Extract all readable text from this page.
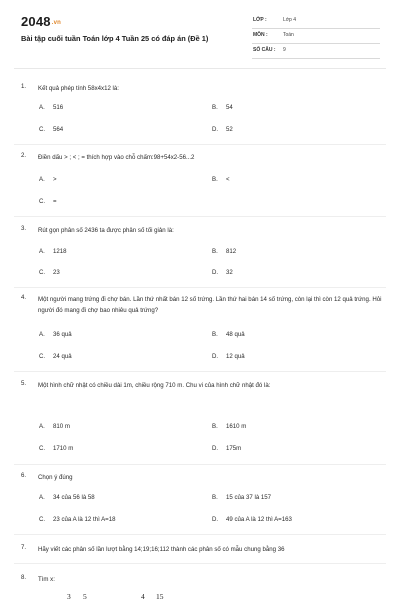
2048.vn
Bài tập cuối tuần Toán lớp 4 Tuần 25 có đáp án (Đề 1)
LỚP :	Lớp 4
MÔN :	Toán
SỐ CÂU : 9
1.	Kết quả phép tính 58x4x12 là:
A. 516	B. 54
C. 564	D. 52
2.	Điền dấu > ; < ; = thích hợp vào chỗ chấm:98+54x2-56...2
A. >	B. <
C. =
3.	Rút gọn phân số 2436 ta được phân số tối giản là:
A. 1218	B. 812
C. 23	D. 32
4.	Một người mang trứng đi chợ bán. Lần thứ nhất bán 12 số trứng. Lần thứ hai bán 14 số trứng, còn lại thì còn 12 quả trứng. Hỏi người đó mang đi chợ bao nhiêu quả trứng?
A. 36 quả	B. 48 quả
C. 24 quả	D. 12 quả
5.	Một hình chữ nhật có chiều dài 1m, chiều rộng 710 m. Chu vi của hình chữ nhật đó là:
A. 810 m	B. 1610 m
C. 1710 m	D. 175m
6.	Chọn ý đúng
A. 34 của 56 là 58	B. 15 của 37 là 157
C. 23 của A là 12 thì A=18	D. 49 của A là 12 thì A=163
7.	Hãy viết các phân số lần lượt bằng 14;19;16;112 thành các phân số có mẫu chung bằng 36
8.	Tìm x:
3 5	4 15
